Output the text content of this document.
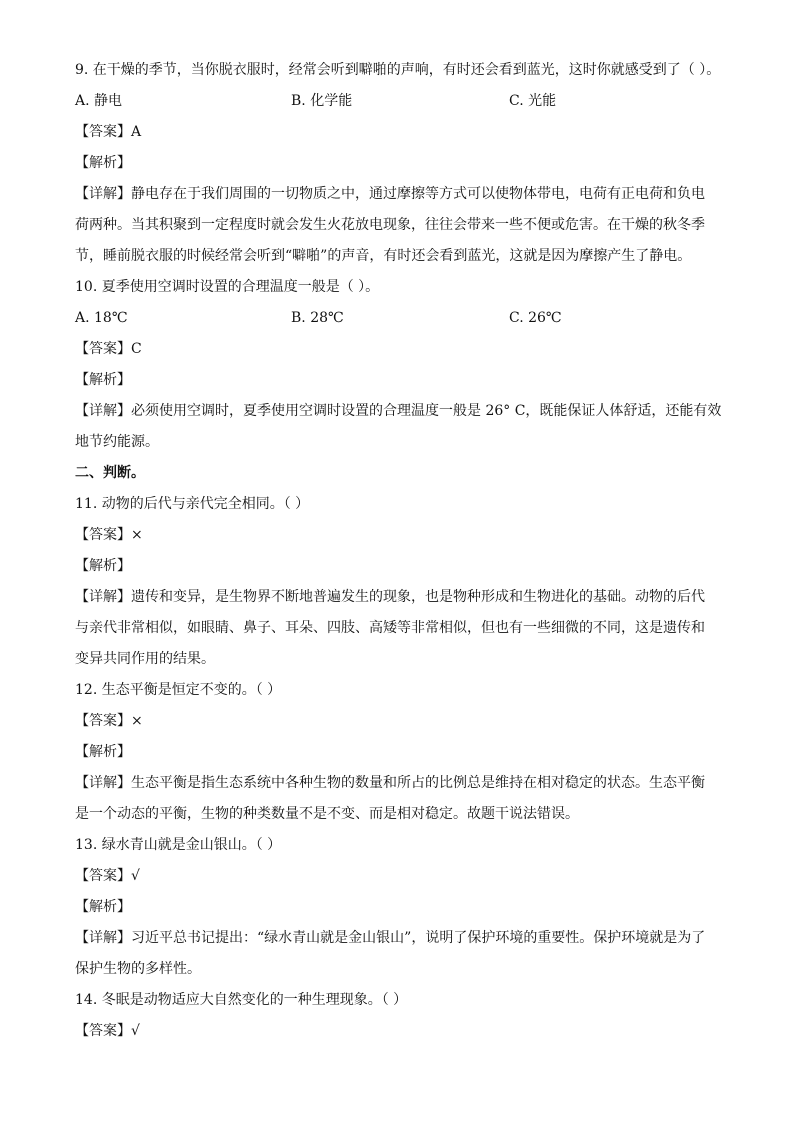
9. 在干燥的季节，当你脱衣服时，经常会听到噼啪的声响，有时还会看到蓝光，这时你就感受到了（ ）。
A. 静电	B. 化学能	C. 光能
【答案】A
【解析】
【详解】静电存在于我们周围的一切物质之中，通过摩擦等方式可以使物体带电，电荷有正电荷和负电
荷两种。当其积聚到一定程度时就会发生火花放电现象，往往会带来一些不便或危害。在干燥的秋冬季
节，睡前脱衣服的时候经常会听到“噼啪”的声音，有时还会看到蓝光，这就是因为摩擦产生了静电。
10. 夏季使用空调时设置的合理温度一般是（ ）。
A. 18℃	B. 28℃	C. 26℃
【答案】C
【解析】
【详解】必须使用空调时，夏季使用空调时设置的合理温度一般是 26° C，既能保证人体舒适，还能有效
地节约能源。
二、判断。
11. 动物的后代与亲代完全相同。（ ）
【答案】×
【解析】
【详解】遗传和变异，是生物界不断地普遍发生的现象，也是物种形成和生物进化的基础。动物的后代
与亲代非常相似，如眼睛、鼻子、耳朵、四肢、高矮等非常相似，但也有一些细微的不同，这是遗传和
变异共同作用的结果。
12. 生态平衡是恒定不变的。（ ）
【答案】×
【解析】
【详解】生态平衡是指生态系统中各种生物的数量和所占的比例总是维持在相对稳定的状态。生态平衡
是一个动态的平衡，生物的种类数量不是不变、而是相对稳定。故题干说法错误。
13. 绿水青山就是金山银山。（ ）
【答案】√
【解析】
【详解】习近平总书记提出：“绿水青山就是金山银山”，说明了保护环境的重要性。保护环境就是为了
保护生物的多样性。
14. 冬眠是动物适应大自然变化的一种生理现象。（ ）
【答案】√
